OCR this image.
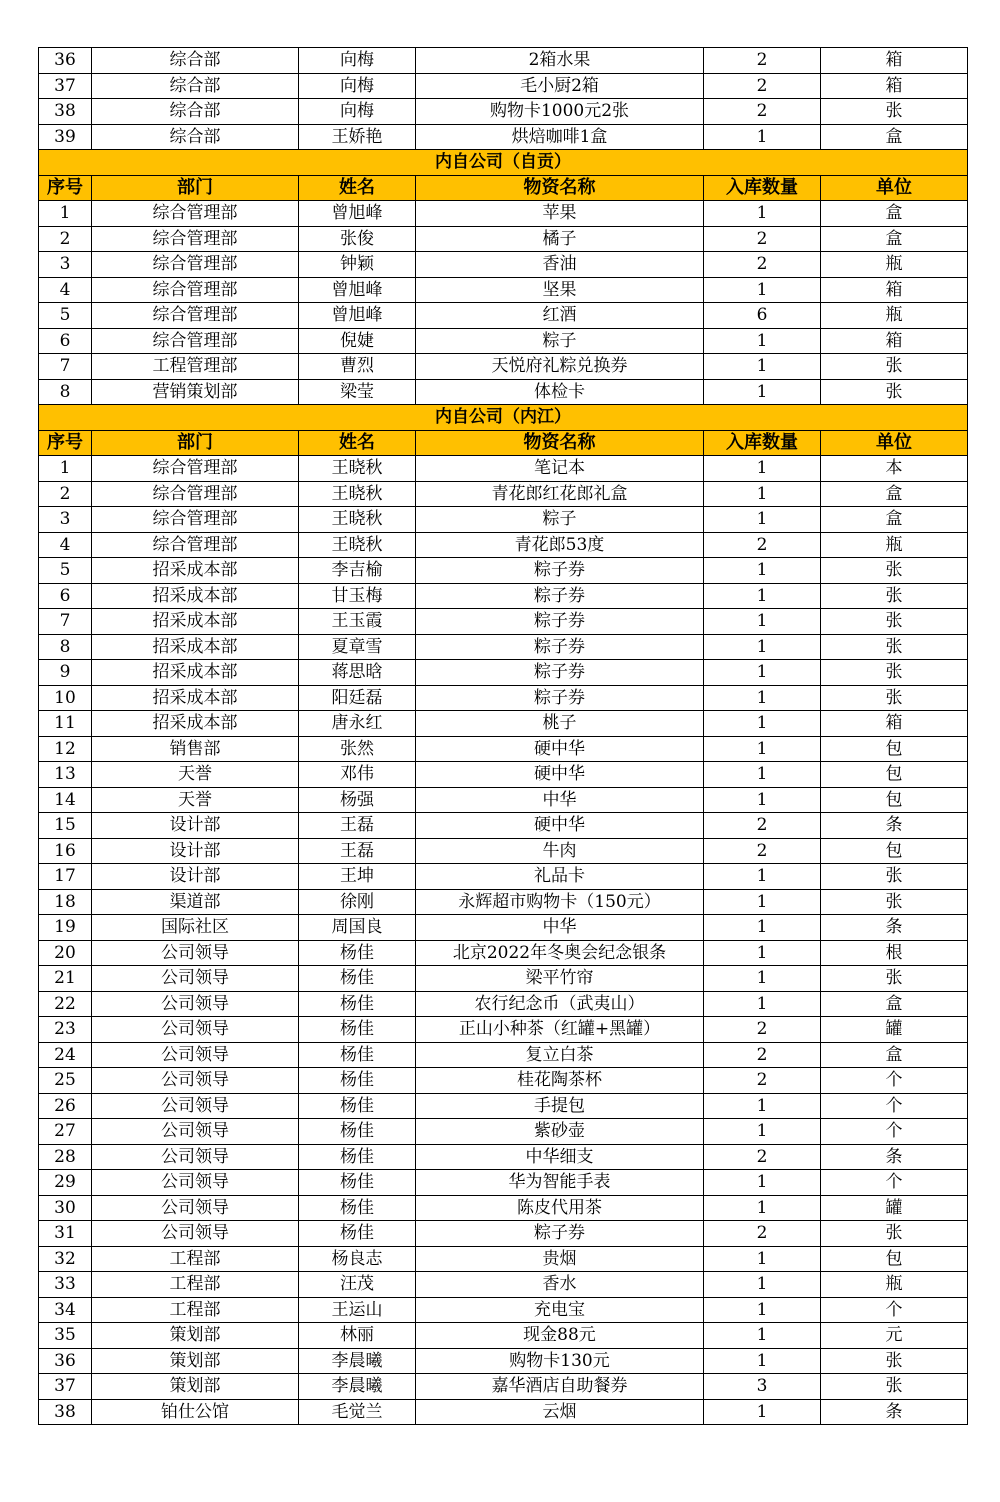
36	综合部	向梅	2箱水果	2	箱
37	综合部	向梅	毛小厨2箱	2	箱
38	综合部	向梅	购物卡1000元2张	2	张
39	综合部	王娇艳	烘焙咖啡1盒	1	盒
内自公司（自贡）					
序号	部门	姓名	物资名称	入库数量	单位
1	综合管理部	曾旭峰	苹果	1	盒
2	综合管理部	张俊	橘子	2	盒
3	综合管理部	钟颖	香油	2	瓶
4	综合管理部	曾旭峰	坚果	1	箱
5	综合管理部	曾旭峰	红酒	6	瓶
6	综合管理部	倪婕	粽子	1	箱
7	工程管理部	曹烈	天悦府礼粽兑换券	1	张
8	营销策划部	梁莹	体检卡	1	张
内自公司（内江）					
序号	部门	姓名	物资名称	入库数量	单位
1	综合管理部	王晓秋	笔记本	1	本
2	综合管理部	王晓秋	青花郎红花郎礼盒	1	盒
3	综合管理部	王晓秋	粽子	1	盒
4	综合管理部	王晓秋	青花郎53度	2	瓶
5	招采成本部	李吉榆	粽子券	1	张
6	招采成本部	甘玉梅	粽子券	1	张
7	招采成本部	王玉霞	粽子券	1	张
8	招采成本部	夏章雪	粽子券	1	张
9	招采成本部	蒋思晗	粽子券	1	张
10	招采成本部	阳廷磊	粽子券	1	张
11	招采成本部	唐永红	桃子	1	箱
12	销售部	张然	硬中华	1	包
13	天誉	邓伟	硬中华	1	包
14	天誉	杨强	中华	1	包
15	设计部	王磊	硬中华	2	条
16	设计部	王磊	牛肉	2	包
17	设计部	王坤	礼品卡	1	张
18	渠道部	徐刚	永辉超市购物卡（150元）	1	张
19	国际社区	周国良	中华	1	条
20	公司领导	杨佳	北京2022年冬奥会纪念银条	1	根
21	公司领导	杨佳	梁平竹帘	1	张
22	公司领导	杨佳	农行纪念币（武夷山）	1	盒
23	公司领导	杨佳	正山小种茶（红罐+黑罐）	2	罐
24	公司领导	杨佳	复立白茶	2	盒
25	公司领导	杨佳	桂花陶茶杯	2	个
26	公司领导	杨佳	手提包	1	个
27	公司领导	杨佳	紫砂壶	1	个
28	公司领导	杨佳	中华细支	2	条
29	公司领导	杨佳	华为智能手表	1	个
30	公司领导	杨佳	陈皮代用茶	1	罐
31	公司领导	杨佳	粽子券	2	张
32	工程部	杨良志	贵烟	1	包
33	工程部	汪茂	香水	1	瓶
34	工程部	王运山	充电宝	1	个
35	策划部	林丽	现金88元	1	元
36	策划部	李晨曦	购物卡130元	1	张
37	策划部	李晨曦	嘉华酒店自助餐券	3	张
38	铂仕公馆	毛觉兰	云烟	1	条
